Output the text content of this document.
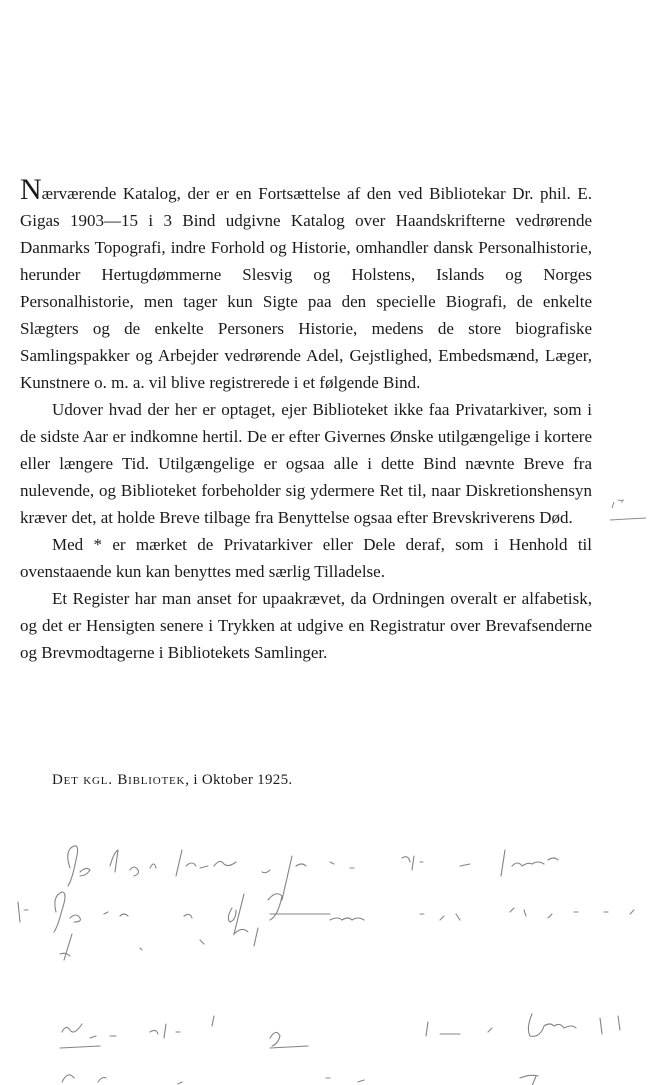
Nærværende Katalog, der er en Fortsættelse af den ved Bibliotekar Dr. phil. E. Gigas 1903—15 i 3 Bind udgivne Katalog over Haandskrifterne vedrørende Danmarks Topografi, indre Forhold og Historie, omhandler dansk Personalhistorie, herunder Hertugdømmerne Slesvig og Holstens, Islands og Norges Personalhistorie, men tager kun Sigte paa den specielle Biografi, de enkelte Slægters og de enkelte Personers Historie, medens de store biografiske Samlingspakker og Arbejder vedrørende Adel, Gejstlighed, Embedsmænd, Læger, Kunstnere o. m. a. vil blive registrerede i et følgende Bind.

Udover hvad der her er optaget, ejer Biblioteket ikke faa Privatarkiver, som i de sidste Aar er indkomne hertil. De er efter Givernes Ønske utilgængelige i kortere eller længere Tid. Utilgængelige er ogsaa alle i dette Bind nævnte Breve fra nulevende, og Biblioteket forbeholder sig ydermere Ret til, naar Diskretionshensyn kræver det, at holde Breve tilbage fra Benyttelse ogsaa efter Brevskriverens Død.

Med * er mærket de Privatarkiver eller Dele deraf, som i Henhold til ovenstaaende kun kan benyttes med særlig Tilladelse.

Et Register har man anset for upaakrævet, da Ordningen overalt er alfabetisk, og det er Hensigten senere i Trykken at udgive en Registratur over Brevafsenderne og Brevmodtagerne i Bibliotekets Samlinger.

Det kgl. Bibliotek, i Oktober 1925.
